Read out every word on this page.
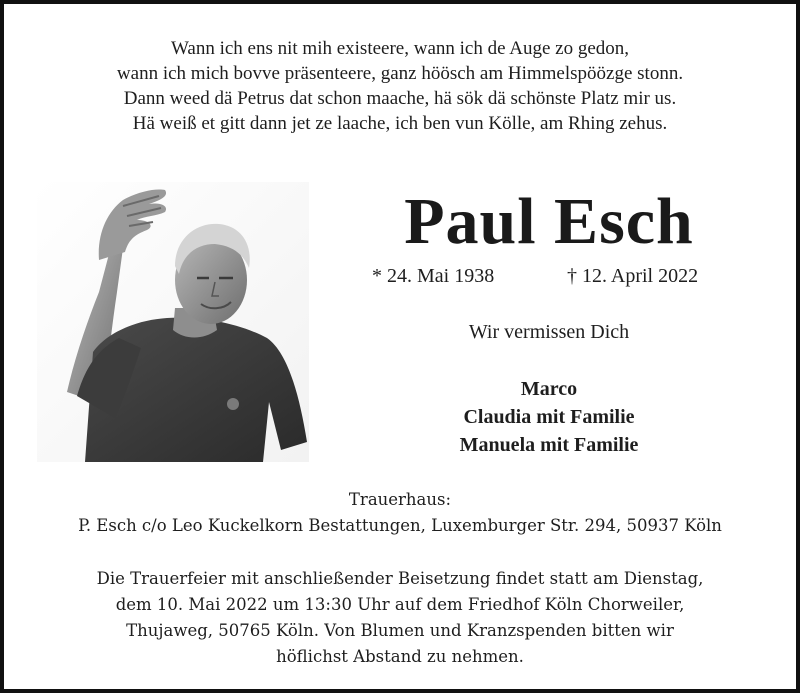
Wann ich ens nit mih existeere, wann ich de Auge zo gedon,
wann ich mich bovve präsenteere, ganz höösch am Himmelspöözge stonn.
Dann weed dä Petrus dat schon maache, hä sök dä schönste Platz mir us.
Hä weiß et gitt dann jet ze laache, ich ben vun Kölle, am Rhing zehus.
Paul Esch
* 24. Mai 1938	† 12. April 2022
Wir vermissen Dich
Marco
Claudia mit Familie
Manuela mit Familie
Trauerhaus:
P. Esch c/o Leo Kuckelkorn Bestattungen, Luxemburger Str. 294, 50937 Köln
Die Trauerfeier mit anschließender Beisetzung findet statt am Dienstag,
dem 10. Mai 2022 um 13:30 Uhr auf dem Friedhof Köln Chorweiler,
Thujaweg, 50765 Köln. Von Blumen und Kranzspenden bitten wir
höflichst Abstand zu nehmen.
